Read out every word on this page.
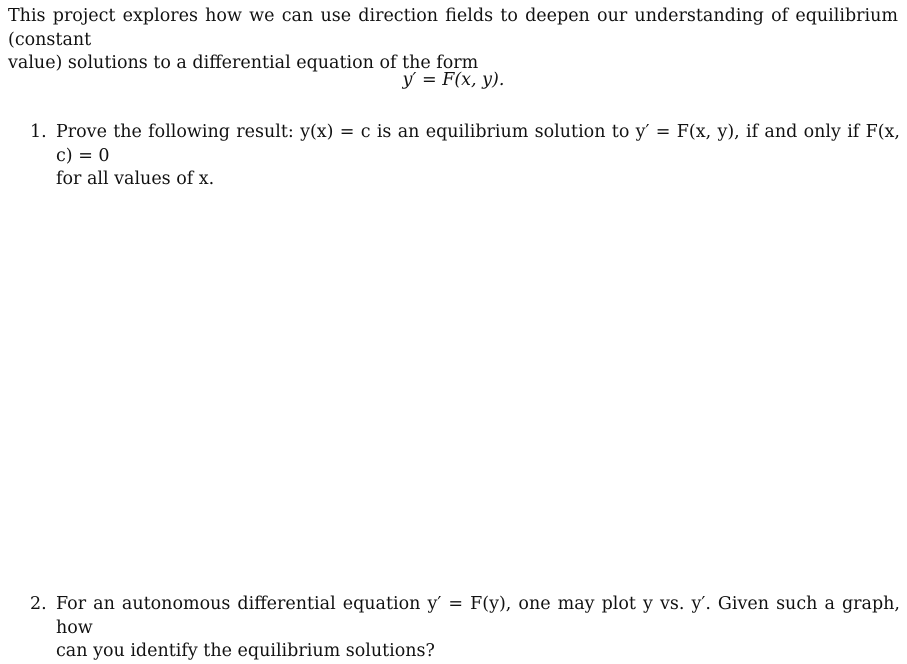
This project explores how we can use direction fields to deepen our understanding of equilibrium (constant
value) solutions to a differential equation of the form

y′ = F(x, y).

1. Prove the following result: y(x) = c is an equilibrium solution to y′ = F(x, y), if and only if F(x, c) = 0
for all values of x.
2. For an autonomous differential equation y′ = F(y), one may plot y vs. y′. Given such a graph, how
can you identify the equilibrium solutions?
